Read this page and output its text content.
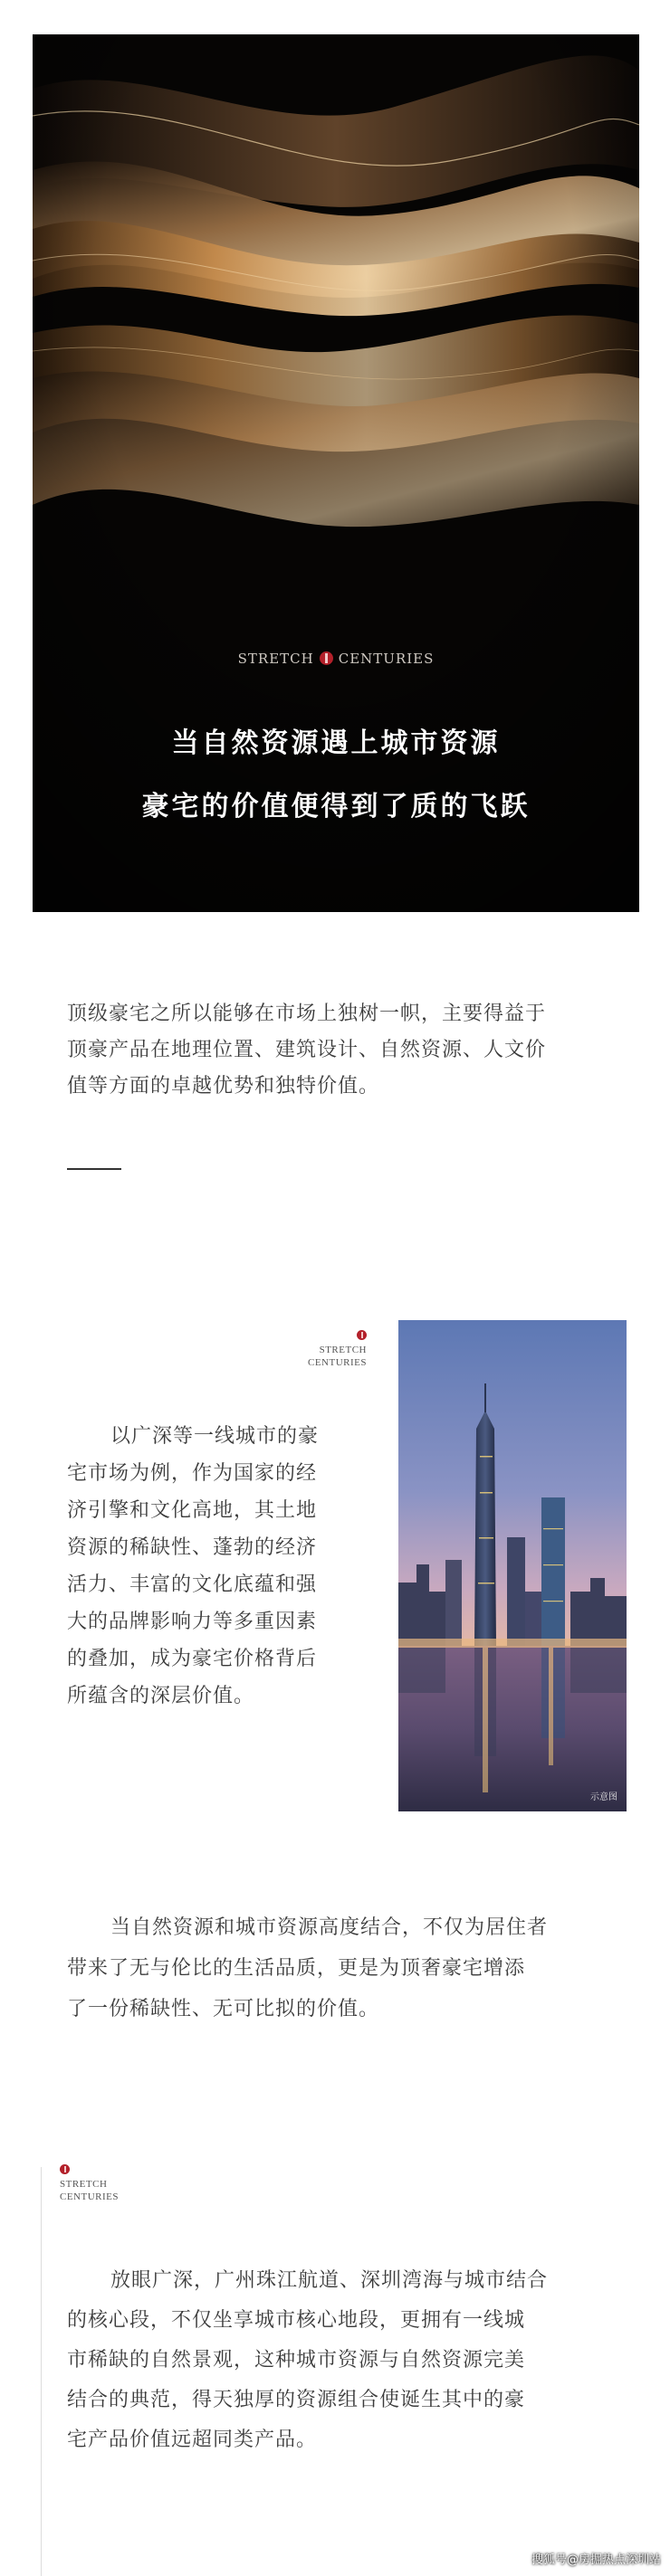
STRETCH CENTURIES
当自然资源遇上城市资源
豪宅的价值便得到了质的飞跃
顶级豪宅之所以能够在市场上独树一帜，主要得益于
顶豪产品在地理位置、建筑设计、自然资源、人文价
值等方面的卓越优势和独特价值。
STRETCH
CENTURIES
以广深等一线城市的豪
宅市场为例，作为国家的经
济引擎和文化高地，其土地
资源的稀缺性、蓬勃的经济
活力、丰富的文化底蕴和强
大的品牌影响力等多重因素
的叠加，成为豪宅价格背后
所蕴含的深层价值。
示意图
当自然资源和城市资源高度结合，不仅为居住者
带来了无与伦比的生活品质，更是为顶奢豪宅增添
了一份稀缺性、无可比拟的价值。
STRETCH
CENTURIES
放眼广深，广州珠江航道、深圳湾海与城市结合
的核心段，不仅坐享城市核心地段，更拥有一线城
市稀缺的自然景观，这种城市资源与自然资源完美
结合的典范，得天独厚的资源组合使诞生其中的豪
宅产品价值远超同类产品。
搜狐号@房掘热点深圳站
